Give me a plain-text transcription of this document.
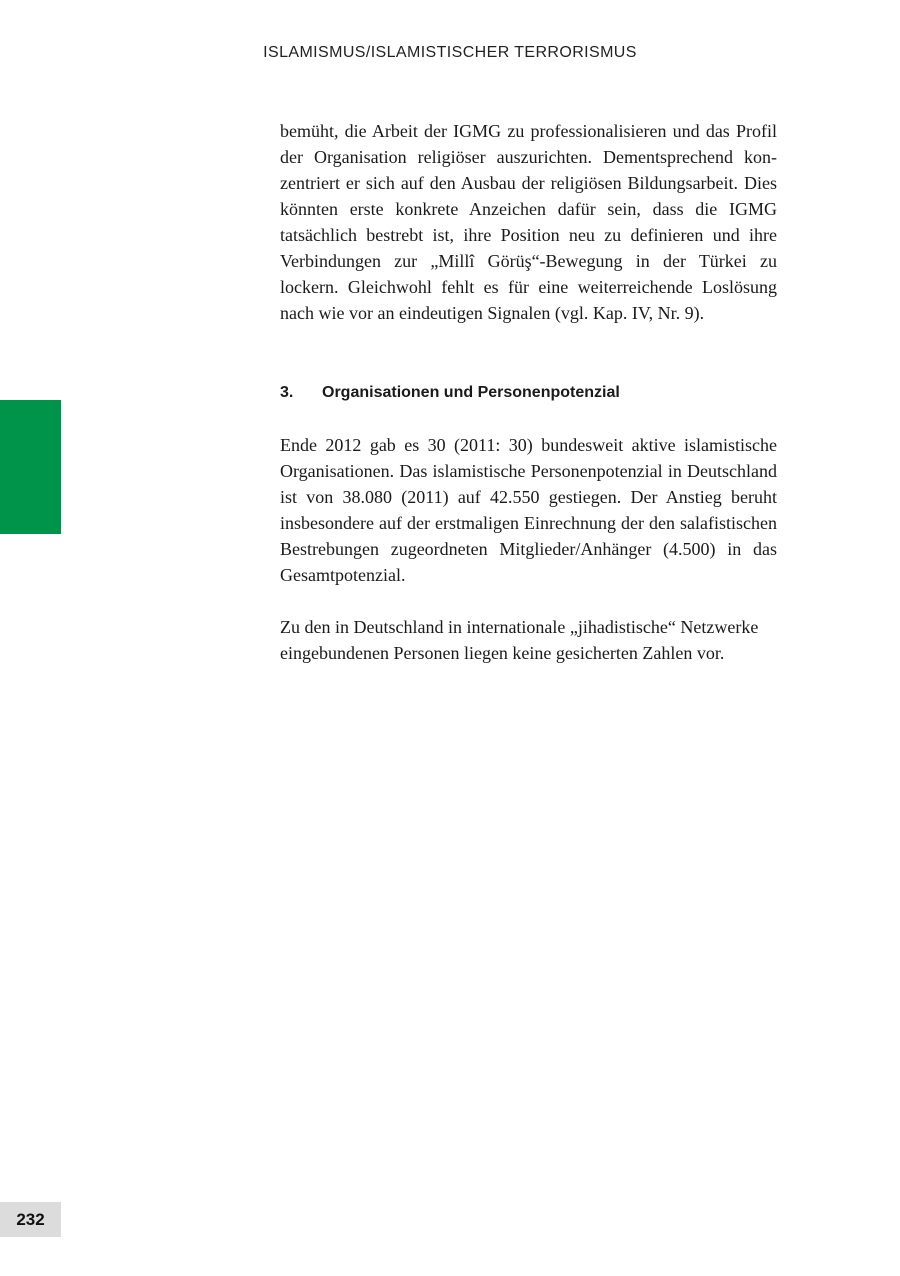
ISLAMISMUS/ISLAMISTISCHER TERRORISMUS

bemüht, die Arbeit der IGMG zu professionalisieren und das Profil der Organisation religiöser auszurichten. Dementsprechend konzentriert er sich auf den Ausbau der religiösen Bildungsarbeit. Dies könnten erste konkrete Anzeichen dafür sein, dass die IGMG tatsächlich bestrebt ist, ihre Position neu zu definieren und ihre Verbindungen zur „Millî Görüş“-Bewegung in der Türkei zu lockern. Gleichwohl fehlt es für eine weiterreichende Loslösung nach wie vor an eindeutigen Signalen (vgl. Kap. IV, Nr. 9).

3.	Organisationen und Personenpotenzial

Ende 2012 gab es 30 (2011: 30) bundesweit aktive islamistische Organisationen. Das islamistische Personenpotenzial in Deutschland ist von 38.080 (2011) auf 42.550 gestiegen. Der Anstieg beruht insbesondere auf der erstmaligen Einrechnung der den salafistischen Bestrebungen zugeordneten Mitglieder/Anhänger (4.500) in das Gesamtpotenzial.

Zu den in Deutschland in internationale „jihadistische“ Netzwerke eingebundenen Personen liegen keine gesicherten Zahlen vor.

232
